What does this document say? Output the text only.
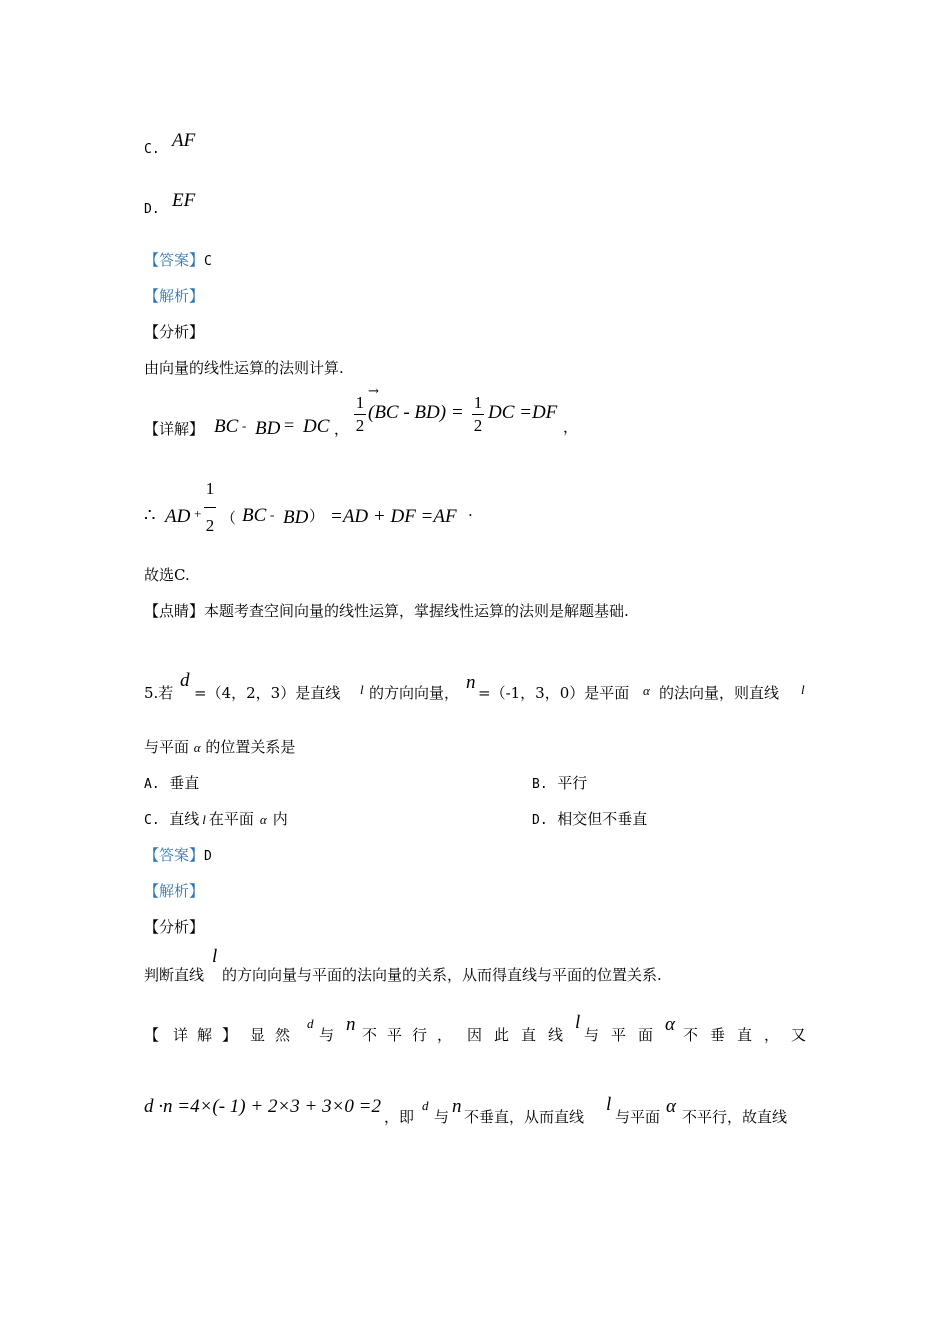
C. AF
D. EF
【答案】C
【解析】
【分析】
由向量的线性运算的法则计算.
【详解】 BC - BD = DC ，
1
2
→
(BC - BD) = 1
2
DC =DF
，
∴ AD +
1
2 （ BC - BD ） =AD + DF =AF ·
故选C.
【点睛】本题考查空间向量的线性运算，掌握线性运算的法则是解题基础.
5.若
d
=（4，2，3）是直线 l 的方向向量， n =（-1，3，0）是平面 α 的法向量，则直线 l
与平面 α 的位置关系是
A. 垂直	B. 平行
C. 直线 l 在平面 α 内	D. 相交但不垂直
【答案】D
【解析】
【分析】
判断直线
l
的方向向量与平面的法向量的关系，从而得直线与平面的位置关系.
【 详 解 】 显 然
d
与 n 不 平 行 ， 因 此 直 线
l
与 平 面 α 不 垂 直 ， 又
d ·n =4×(- 1) + 2×3 + 3×0 =2 ，即
d
与 n 不垂直，从而直线
l
与平面 α 不平行，故直线
